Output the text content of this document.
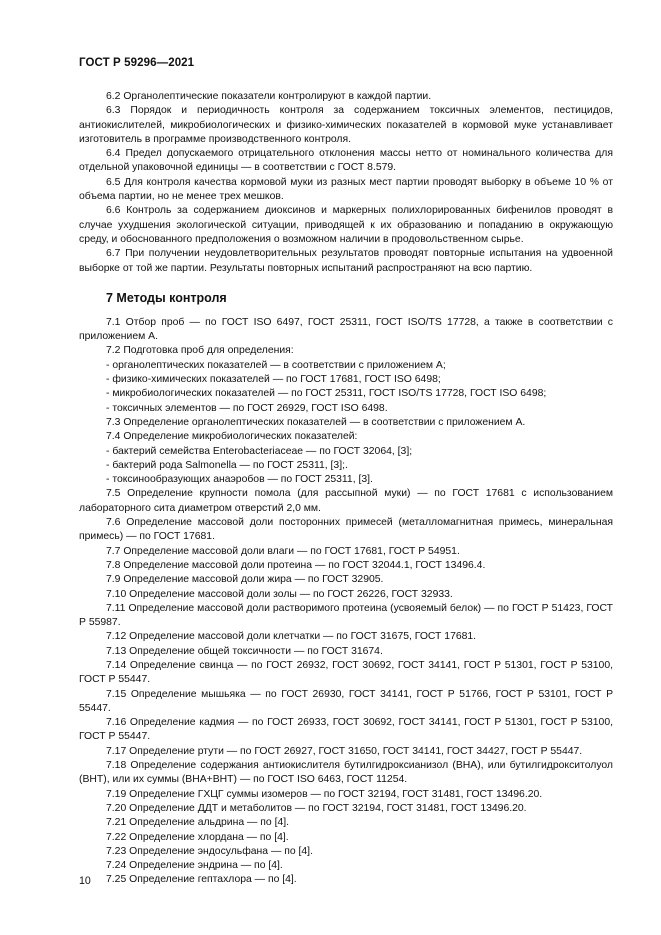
ГОСТ Р 59296—2021

6.2 Органолептические показатели контролируют в каждой партии.

6.3 Порядок и периодичность контроля за содержанием токсичных элементов, пестицидов, антиокислителей, микробиологических и физико-химических показателей в кормовой муке устанавливает изготовитель в программе производственного контроля.

6.4 Предел допускаемого отрицательного отклонения массы нетто от номинального количества для отдельной упаковочной единицы — в соответствии с ГОСТ 8.579.

6.5 Для контроля качества кормовой муки из разных мест партии проводят выборку в объеме 10 % от объема партии, но не менее трех мешков.

6.6 Контроль за содержанием диоксинов и маркерных полихлорированных бифенилов проводят в случае ухудшения экологической ситуации, приводящей к их образованию и попаданию в окружающую среду, и обоснованного предположения о возможном наличии в продовольственном сырье.

6.7 При получении неудовлетворительных результатов проводят повторные испытания на удвоенной выборке от той же партии. Результаты повторных испытаний распространяют на всю партию.

7 Методы контроля

7.1 Отбор проб — по ГОСТ ISO 6497, ГОСТ 25311, ГОСТ ISO/TS 17728, а также в соответствии с приложением А.

7.2 Подготовка проб для определения:

- органолептических показателей — в соответствии с приложением А;

- физико-химических показателей — по ГОСТ 17681, ГОСТ ISO 6498;

- микробиологических показателей — по ГОСТ 25311, ГОСТ ISO/TS 17728, ГОСТ ISO 6498;

- токсичных элементов — по ГОСТ 26929, ГОСТ ISO 6498.

7.3 Определение органолептических показателей — в соответствии с приложением А.

7.4 Определение микробиологических показателей:

- бактерий семейства Enterobacteriaceae — по ГОСТ 32064, [3];

- бактерий рода Salmonella — по ГОСТ 25311, [3];.

- токсинообразующих анаэробов — по ГОСТ 25311, [3].

7.5 Определение крупности помола (для рассыпной муки) — по ГОСТ 17681 с использованием лабораторного сита диаметром отверстий 2,0 мм.

7.6 Определение массовой доли посторонних примесей (металломагнитная примесь, минеральная примесь) — по ГОСТ 17681.

7.7 Определение массовой доли влаги — по ГОСТ 17681, ГОСТ Р 54951.

7.8 Определение массовой доли протеина — по ГОСТ 32044.1, ГОСТ 13496.4.

7.9 Определение массовой доли жира — по ГОСТ 32905.

7.10 Определение массовой доли золы — по ГОСТ 26226, ГОСТ 32933.

7.11 Определение массовой доли растворимого протеина (усвояемый белок) — по ГОСТ Р 51423, ГОСТ Р 55987.

7.12 Определение массовой доли клетчатки — по ГОСТ 31675, ГОСТ 17681.

7.13 Определение общей токсичности — по ГОСТ 31674.

7.14 Определение свинца — по ГОСТ 26932, ГОСТ 30692, ГОСТ 34141, ГОСТ Р 51301, ГОСТ Р 53100, ГОСТ Р 55447.

7.15 Определение мышьяка — по ГОСТ 26930, ГОСТ 34141, ГОСТ Р 51766, ГОСТ Р 53101, ГОСТ Р 55447.

7.16 Определение кадмия — по ГОСТ 26933, ГОСТ 30692, ГОСТ 34141, ГОСТ Р 51301, ГОСТ Р 53100, ГОСТ Р 55447.

7.17 Определение ртути — по ГОСТ 26927, ГОСТ 31650, ГОСТ 34141, ГОСТ 34427, ГОСТ Р 55447.

7.18 Определение содержания антиокислителя бутилгидроксианизол (BHA), или бутилгидрокситолуол (BHT), или их суммы (BHA+BHT) — по ГОСТ ISO 6463, ГОСТ 11254.

7.19 Определение ГХЦГ суммы изомеров — по ГОСТ 32194, ГОСТ 31481, ГОСТ 13496.20.

7.20 Определение ДДТ и метаболитов — по ГОСТ 32194, ГОСТ 31481, ГОСТ 13496.20.

7.21 Определение альдрина — по [4].

7.22 Определение хлордана — по [4].

7.23 Определение эндосульфана — по [4].

7.24 Определение эндрина — по [4].

7.25 Определение гептахлора — по [4].

10
